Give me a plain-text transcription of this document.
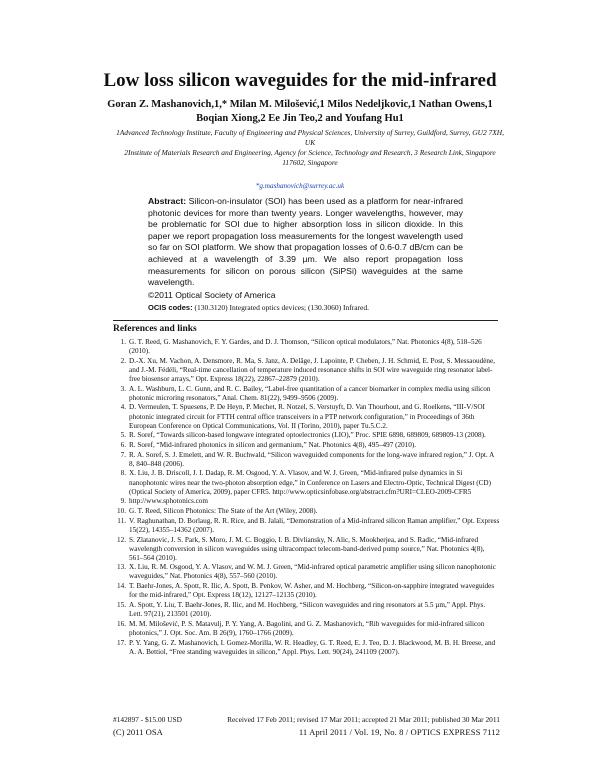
Low loss silicon waveguides for the mid-infrared
Goran Z. Mashanovich,1,* Milan M. Milošević,1 Milos Nedeljkovic,1 Nathan Owens,1
Boqian Xiong,2 Ee Jin Teo,2 and Youfang Hu1
1Advanced Technology Institute, Faculty of Engineering and Physical Sciences, University of Surrey, Guildford, Surrey, GU2 7XH, UK
2Institute of Materials Research and Engineering, Agency for Science, Technology and Research, 3 Research Link, Singapore 117602, Singapore
*g.mashanovich@surrey.ac.uk
Abstract: Silicon-on-insulator (SOI) has been used as a platform for near-infrared photonic devices for more than twenty years. Longer wavelengths, however, may be problematic for SOI due to higher absorption loss in silicon dioxide. In this paper we report propagation loss measurements for the longest wavelength used so far on SOI platform. We show that propagation losses of 0.6-0.7 dB/cm can be achieved at a wavelength of 3.39 µm. We also report propagation loss measurements for silicon on porous silicon (SiPSi) waveguides at the same wavelength.
©2011 Optical Society of America
OCIS codes: (130.3120) Integrated optics devices; (130.3060) Infrared.
References and links
1. G. T. Reed, G. Mashanovich, F. Y. Gardes, and D. J. Thomson, “Silicon optical modulators,” Nat. Photonics 4(8), 518–526 (2010).
2. D.-X. Xu, M. Vachon, A. Densmore, R. Ma, S. Janz, A. Delâge, J. Lapointe, P. Cheben, J. H. Schmid, E. Post, S. Messaoudène, and J.-M. Fédéli, “Real-time cancellation of temperature induced resonance shifts in SOI wire waveguide ring resonator label-free biosensor arrays,” Opt. Express 18(22), 22867–22879 (2010).
3. A. L. Washburn, L. C. Gunn, and R. C. Bailey, “Label-free quantitation of a cancer biomarker in complex media using silicon photonic microring resonators,” Anal. Chem. 81(22), 9499–9506 (2009).
4. D. Vermeulen, T. Spuesens, P. De Heyn, P. Mechet, R. Notzel, S. Verstuyft, D. Van Thourhout, and G. Roelkens, “III-V/SOI photonic integrated circuit for FTTH central office transceivers in a PTP network configuration,” in Proceedings of 36th European Conference on Optical Communications, Vol. II (Torino, 2010), paper Tu.5.C.2.
5. R. Soref, “Towards silicon-based longwave integrated optoelectronics (LIO),” Proc. SPIE 6898, 689809, 689809-13 (2008).
6. R. Soref, “Mid-infrared photonics in silicon and germanium,” Nat. Photonics 4(8), 495–497 (2010).
7. R. A. Soref, S. J. Emelett, and W. R. Buchwald, “Silicon waveguided components for the long-wave infrared region,” J. Opt. A 8, 840–848 (2006).
8. X. Liu, J. B. Driscoll, J. I. Dadap, R. M. Osgood, Y. A. Vlasov, and W. J. Green, “Mid-infrared pulse dynamics in Si nanophotonic wires near the two-photon absorption edge,” in Conference on Lasers and Electro-Optic, Technical Digest (CD) (Optical Society of America, 2009), paper CFR5. http://www.opticsinfobase.org/abstract.cfm?URI=CLEO-2009-CFR5
9. http://www.sphotonics.com
10. G. T. Reed, Silicon Photonics: The State of the Art (Wiley, 2008).
11. V. Raghunathan, D. Borlaug, R. R. Rice, and B. Jalali, “Demonstration of a Mid-infrared silicon Raman amplifier,” Opt. Express 15(22), 14355–14362 (2007).
12. S. Zlatanovic, J. S. Park, S. Moro, J. M. C. Boggio, I. B. Divliansky, N. Alic, S. Mookherjea, and S. Radic, “Mid-infrared wavelength conversion in silicon waveguides using ultracompact telecom-band-derived pump source,” Nat. Photonics 4(8), 561–564 (2010).
13. X. Liu, R. M. Osgood, Y. A. Vlasov, and W. M. J. Green, “Mid-infrared optical parametric amplifier using silicon nanophotonic waveguides,” Nat. Photonics 4(8), 557–560 (2010).
14. T. Baehr-Jones, A. Spott, R. Ilic, A. Spott, B. Penkov, W. Asher, and M. Hochberg, “Silicon-on-sapphire integrated waveguides for the mid-infrared,” Opt. Express 18(12), 12127–12135 (2010).
15. A. Spott, Y. Liu, T. Baehr-Jones, R. Ilic, and M. Hochberg, “Silicon waveguides and ring resonators at 5.5 µm,” Appl. Phys. Lett. 97(21), 213501 (2010).
16. M. M. Milošević, P. S. Matavulj, P. Y. Yang, A. Bagolini, and G. Z. Mashanovich, “Rib waveguides for mid-infrared silicon photonics,” J. Opt. Soc. Am. B 26(9), 1760–1766 (2009).
17. P. Y. Yang, G. Z. Mashanovich, I. Gomez-Morilla, W. R. Headley, G. T. Reed, E. J. Teo, D. J. Blackwood, M. B. H. Breese, and A. A. Bettiol, “Free standing waveguides in silicon,” Appl. Phys. Lett. 90(24), 241109 (2007).
#142897 - $15.00 USD	Received 17 Feb 2011; revised 17 Mar 2011; accepted 21 Mar 2011; published 30 Mar 2011
(C) 2011 OSA	11 April 2011 / Vol. 19, No. 8 / OPTICS EXPRESS 7112
